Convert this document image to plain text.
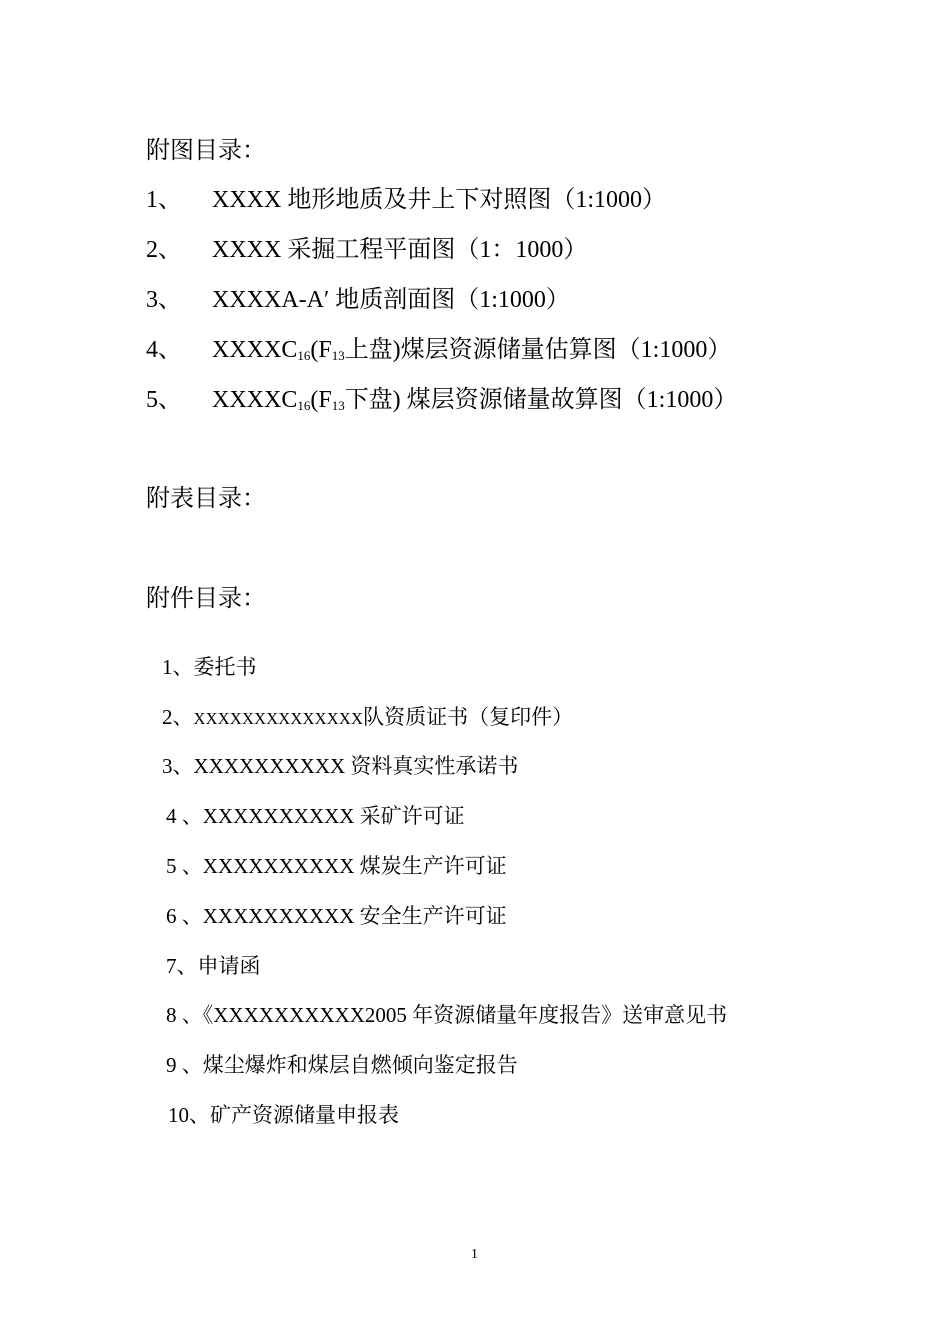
附图目录：
1、 XXXX 地形地质及井上下对照图（1:1000）
2、 XXXX 采掘工程平面图（1：1000）
3、 XXXXA-A′ 地质剖面图（1:1000）
4、 $XXXXC_{16}(F_{13}$上盘)煤层资源储量估算图（1:1000）
5、 $XXXXC_{16}(F_{13}$下盘) 煤层资源储量故算图（1:1000）
附表目录：
附件目录：
1、委托书
2、XXXXXXXXXXXXXX队资质证书（复印件）
3、XXXXXXXXXX 资料真实性承诺书
4 、XXXXXXXXXX 采矿许可证
5 、XXXXXXXXXX 煤炭生产许可证
6 、XXXXXXXXXX 安全生产许可证
7、申请函
8 、《XXXXXXXXXX2005 年资源储量年度报告》送审意见书
9 、煤尘爆炸和煤层自燃倾向鉴定报告
10、矿产资源储量申报表
1
